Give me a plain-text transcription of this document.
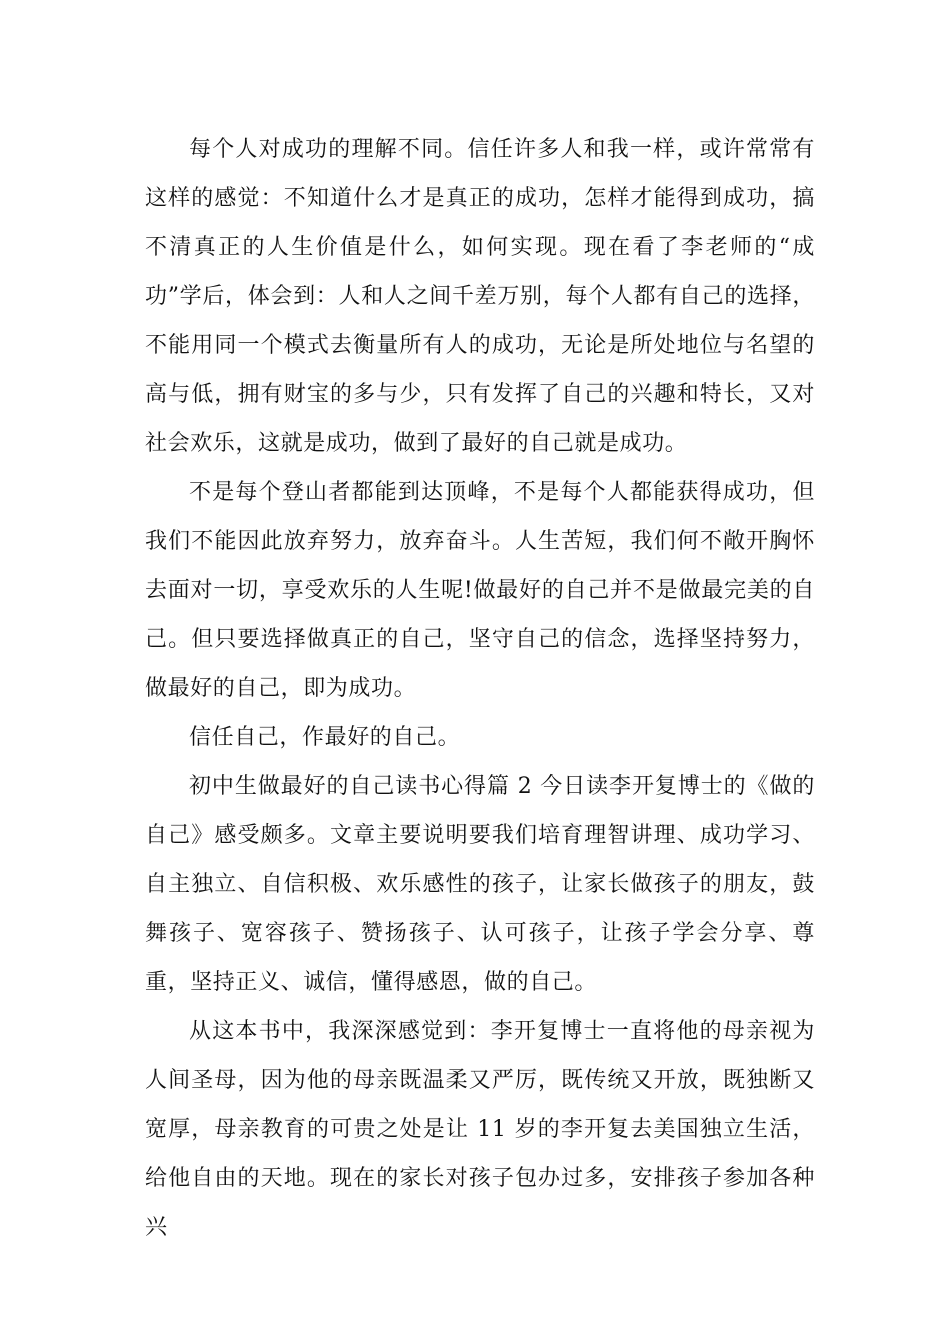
每个人对成功的理解不同。信任许多人和我一样，或许常常有这样的感觉：不知道什么才是真正的成功，怎样才能得到成功，搞不清真正的人生价值是什么，如何实现。现在看了李老师的“成功”学后，体会到：人和人之间千差万别，每个人都有自己的选择，不能用同一个模式去衡量所有人的成功，无论是所处地位与名望的高与低，拥有财宝的多与少，只有发挥了自己的兴趣和特长，又对社会欢乐，这就是成功，做到了最好的自己就是成功。

不是每个登山者都能到达顶峰，不是每个人都能获得成功，但我们不能因此放弃努力，放弃奋斗。人生苦短，我们何不敞开胸怀去面对一切，享受欢乐的人生呢!做最好的自己并不是做最完美的自己。但只要选择做真正的自己，坚守自己的信念，选择坚持努力，做最好的自己，即为成功。

信任自己，作最好的自己。

初中生做最好的自己读书心得篇 2 今日读李开复博士的《做的自己》感受颇多。文章主要说明要我们培育理智讲理、成功学习、自主独立、自信积极、欢乐感性的孩子，让家长做孩子的朋友，鼓舞孩子、宽容孩子、赞扬孩子、认可孩子，让孩子学会分享、尊重，坚持正义、诚信，懂得感恩，做的自己。

从这本书中，我深深感觉到：李开复博士一直将他的母亲视为人间圣母，因为他的母亲既温柔又严厉，既传统又开放，既独断又宽厚，母亲教育的可贵之处是让 11 岁的李开复去美国独立生活，给他自由的天地。现在的家长对孩子包办过多，安排孩子参加各种兴
